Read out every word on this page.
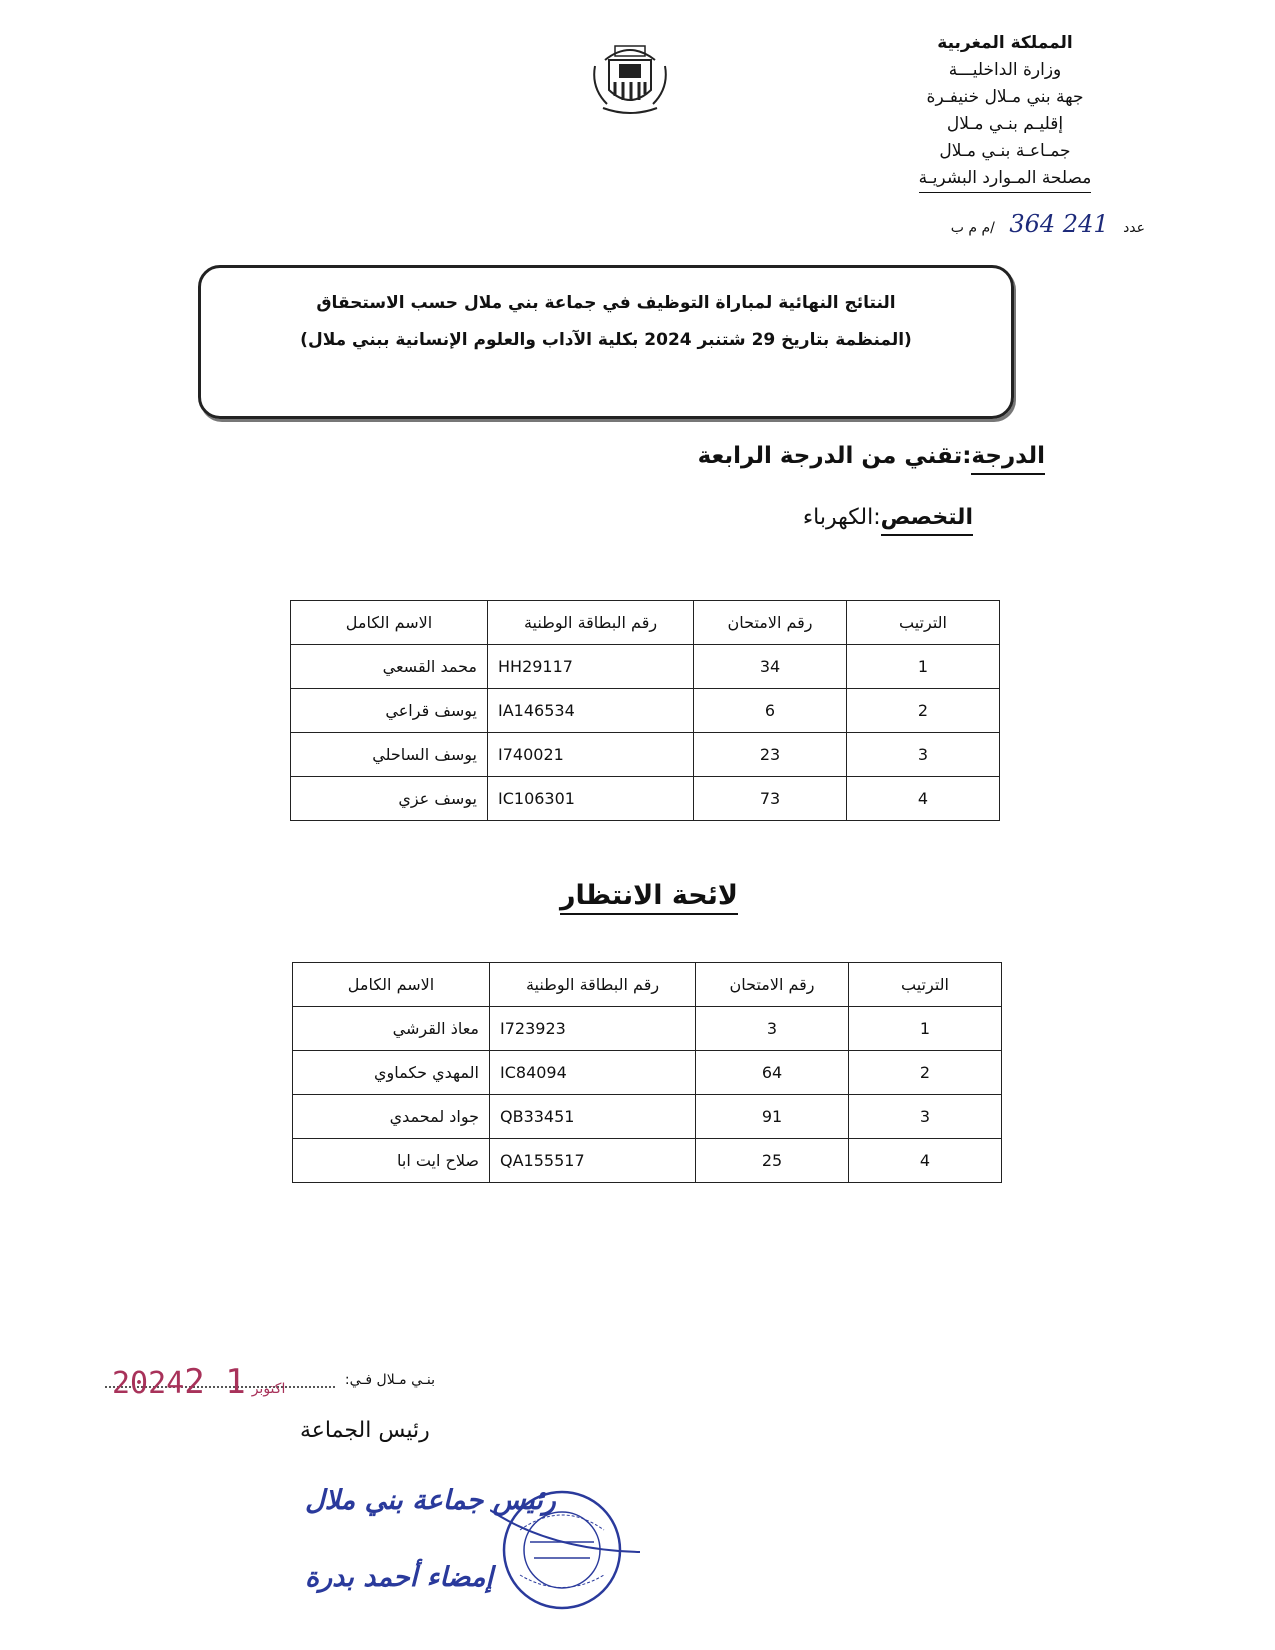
المملكة المغربية
وزارة الداخليـــة
جهة بني مـلال خنيفـرة
إقليـم بنـي مـلال
جمـاعـة بنـي مـلال
مصلحة المـوارد البشريـة
عدد 241 364 /م م ب
النتائج النهائية لمباراة التوظيف في جماعة بني ملال حسب الاستحقاق
(المنظمة بتاريخ 29 شتنبر 2024 بكلية الآداب والعلوم الإنسانية ببني ملال)
الدرجة:تقني من الدرجة الرابعة
التخصص:الكهرباء
الترتيب	رقم الامتحان	رقم البطاقة الوطنية	الاسم الكامل
1	34	HH29117	محمد القسعي
2	6	IA146534	يوسف قراعي
3	23	I740021	يوسف الساحلي
4	73	IC106301	يوسف عزي
لائحة الانتظار
الترتيب	رقم الامتحان	رقم البطاقة الوطنية	الاسم الكامل
1	3	I723923	معاذ القرشي
2	64	IC84094	المهدي حكماوي
3	91	QB33451	جواد لمحمدي
4	25	QA155517	صلاح ايت ابا
بنـي مـلال فـي:
2024	اكتوبر1 2
رئيس الجماعة
رئيس جماعة بني ملال
إمضاء أحمد بدرة
